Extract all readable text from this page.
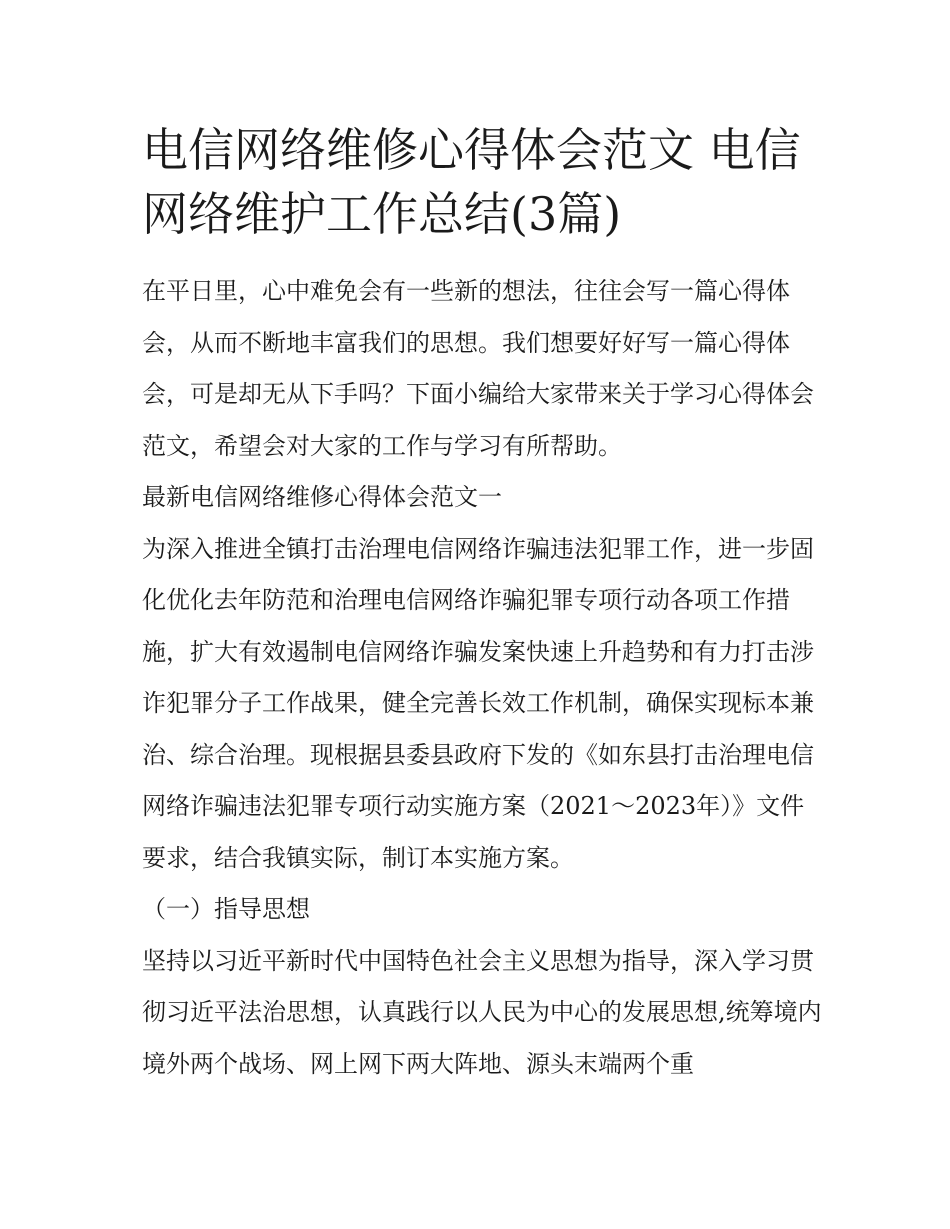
电信网络维修心得体会范文 电信网络维护工作总结(3篇)

在平日里，心中难免会有一些新的想法，往往会写一篇心得体会，从而不断地丰富我们的思想。我们想要好好写一篇心得体会，可是却无从下手吗？下面小编给大家带来关于学习心得体会范文，希望会对大家的工作与学习有所帮助。

最新电信网络维修心得体会范文一

为深入推进全镇打击治理电信网络诈骗违法犯罪工作，进一步固化优化去年防范和治理电信网络诈骗犯罪专项行动各项工作措施，扩大有效遏制电信网络诈骗发案快速上升趋势和有力打击涉诈犯罪分子工作战果，健全完善长效工作机制，确保实现标本兼治、综合治理。现根据县委县政府下发的《如东县打击治理电信网络诈骗违法犯罪专项行动实施方案（2021～2023年）》文件要求，结合我镇实际，制订本实施方案。

（一）指导思想

坚持以习近平新时代中国特色社会主义思想为指导，深入学习贯彻习近平法治思想，认真践行以人民为中心的发展思想,统筹境内境外两个战场、网上网下两大阵地、源头末端两个重
